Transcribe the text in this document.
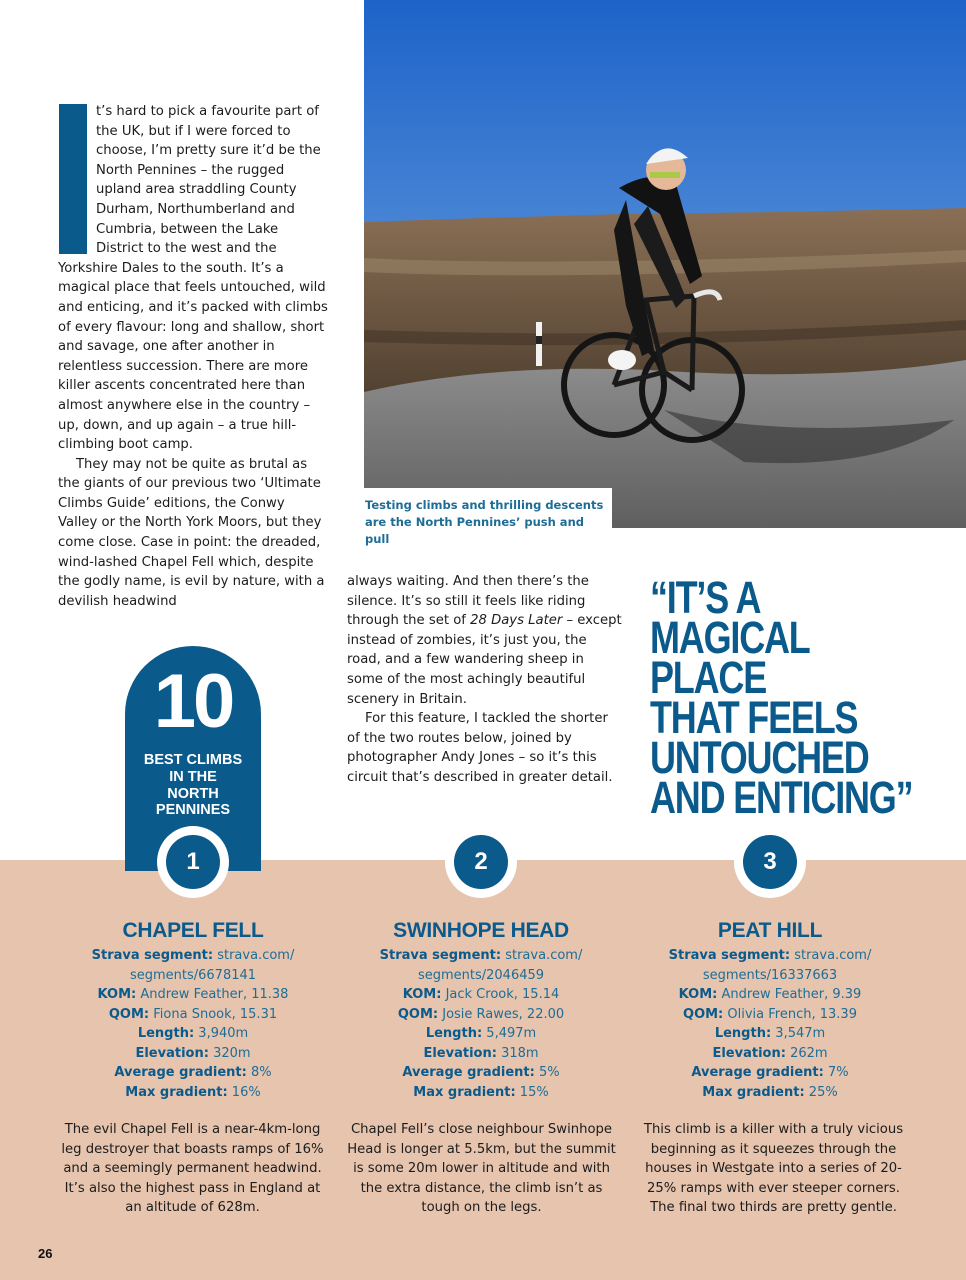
t’s hard to pick a favourite part of the UK, but if I were forced to choose, I’m pretty sure it’d be the North Pennines – the rugged upland area straddling County Durham, Northumberland and Cumbria, between the Lake District to the west and the Yorkshire Dales to the south. It’s a magical place that feels untouched, wild and enticing, and it’s packed with climbs of every flavour: long and shallow, short and savage, one after another in relentless succession. There are more killer ascents concentrated here than almost anywhere else in the country – up, down, and up again – a true hill-climbing boot camp.

They may not be quite as brutal as the giants of our previous two ‘Ultimate Climbs Guide’ editions, the Conwy Valley or the North York Moors, but they come close. Case in point: the dreaded, wind-lashed Chapel Fell which, despite the godly name, is evil by nature, with a devilish headwind

Testing climbs and thrilling descents are the North Pennines’ push and pull

always waiting. And then there’s the silence. It’s so still it feels like riding through the set of 28 Days Later – except instead of zombies, it’s just you, the road, and a few wandering sheep in some of the most achingly beautiful scenery in Britain.

For this feature, I tackled the shorter of the two routes below, joined by photographer Andy Jones – so it’s this circuit that’s described in greater detail.

“IT’S A
MAGICAL
PLACE
THAT FEELS
UNTOUCHED
AND ENTICING”
10
BEST CLIMBS
IN THE
NORTH
PENNINES
1	2	3
CHAPEL FELL
Strava segment: strava.com/
segments/6678141
KOM: Andrew Feather, 11.38
QOM: Fiona Snook, 15.31
Length: 3,940m
Elevation: 320m
Average gradient: 8%
Max gradient: 16%
The evil Chapel Fell is a near-4km-long leg destroyer that boasts ramps of 16% and a seemingly permanent headwind. It’s also the highest pass in England at an altitude of 628m.
SWINHOPE HEAD
Strava segment: strava.com/
segments/2046459
KOM: Jack Crook, 15.14
QOM: Josie Rawes, 22.00
Length: 5,497m
Elevation: 318m
Average gradient: 5%
Max gradient: 15%
Chapel Fell’s close neighbour Swinhope Head is longer at 5.5km, but the summit is some 20m lower in altitude and with the extra distance, the climb isn’t as tough on the legs.
PEAT HILL
Strava segment: strava.com/
segments/16337663
KOM: Andrew Feather, 9.39
QOM: Olivia French, 13.39
Length: 3,547m
Elevation: 262m
Average gradient: 7%
Max gradient: 25%
This climb is a killer with a truly vicious beginning as it squeezes through the houses in Westgate into a series of 20-25% ramps with ever steeper corners. The final two thirds are pretty gentle.
26
